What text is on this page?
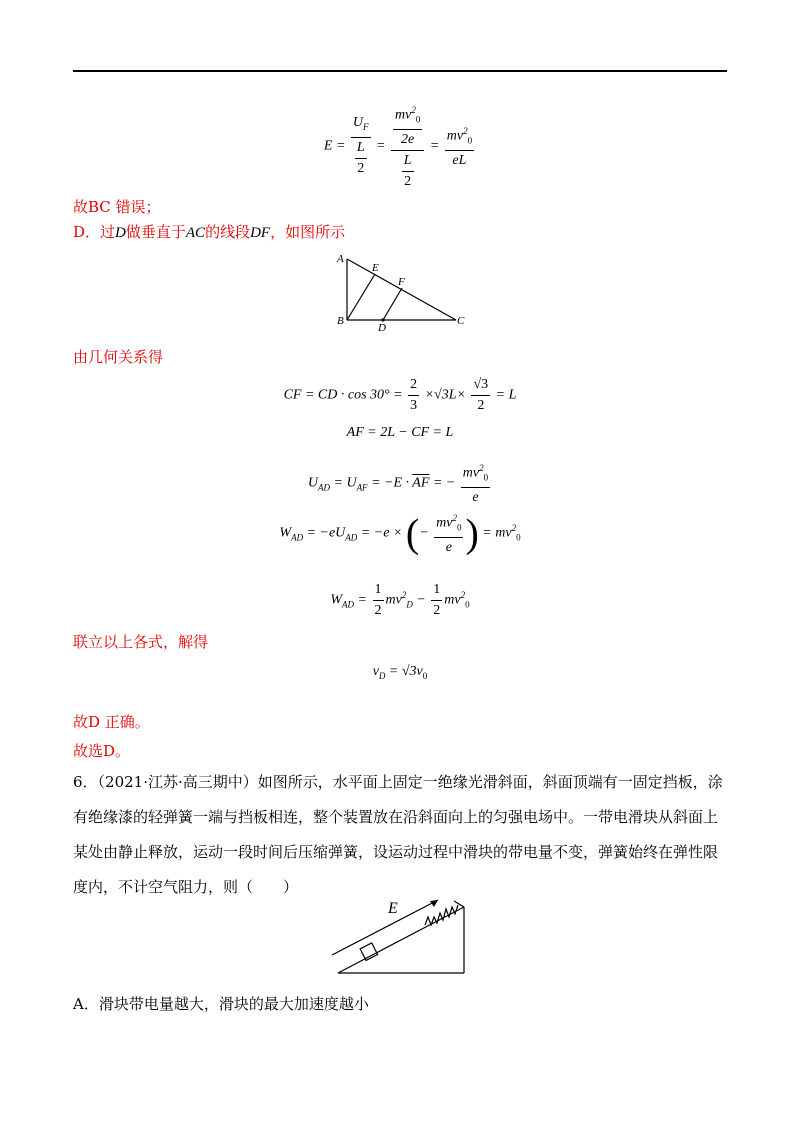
$E = \frac{U_F}{\frac{L}{2}} = \frac{\frac{mv^2_0}{2e}}{\frac{L}{2}} = \frac{mv^2_0}{eL}$
故BC 错误；
D．过D做垂直于AC的线段DF，如图所示
A
E
F
B
D
C
由几何关系得
CF = CD · $\cos 30^\circ = \frac{2}{3} \times√3L\times \frac{√3}{2} = L$
AF = 2L − CF = L
$U_{AD} = U_{AF} = -E \cdot \overline{AF}$ = − $\frac{mv^2_0}{e}$
$W_{AD} = -eU_{AD} = -e$ × (− $\frac{mv^2_0}{e}$ ) = $mv^2_0$
$W_{AD} = \frac{1}{2} mv^2_D - \frac{1}{2} mv^2_0$
联立以上各式，解得
$v_D = √3v_0$
故D 正确。
故选D。
6．（2021·江苏·高三期中）如图所示，水平面上固定一绝缘光滑斜面，斜面顶端有一固定挡板，涂有绝缘漆的轻弹簧一端与挡板相连，整个装置放在沿斜面向上的匀强电场中。一带电滑块从斜面上某处由静止释放，运动一段时间后压缩弹簧，设运动过程中滑块的带电量不变，弹簧始终在弹性限度内，不计空气阻力，则（　　）
E
A．滑块带电量越大，滑块的最大加速度越小
